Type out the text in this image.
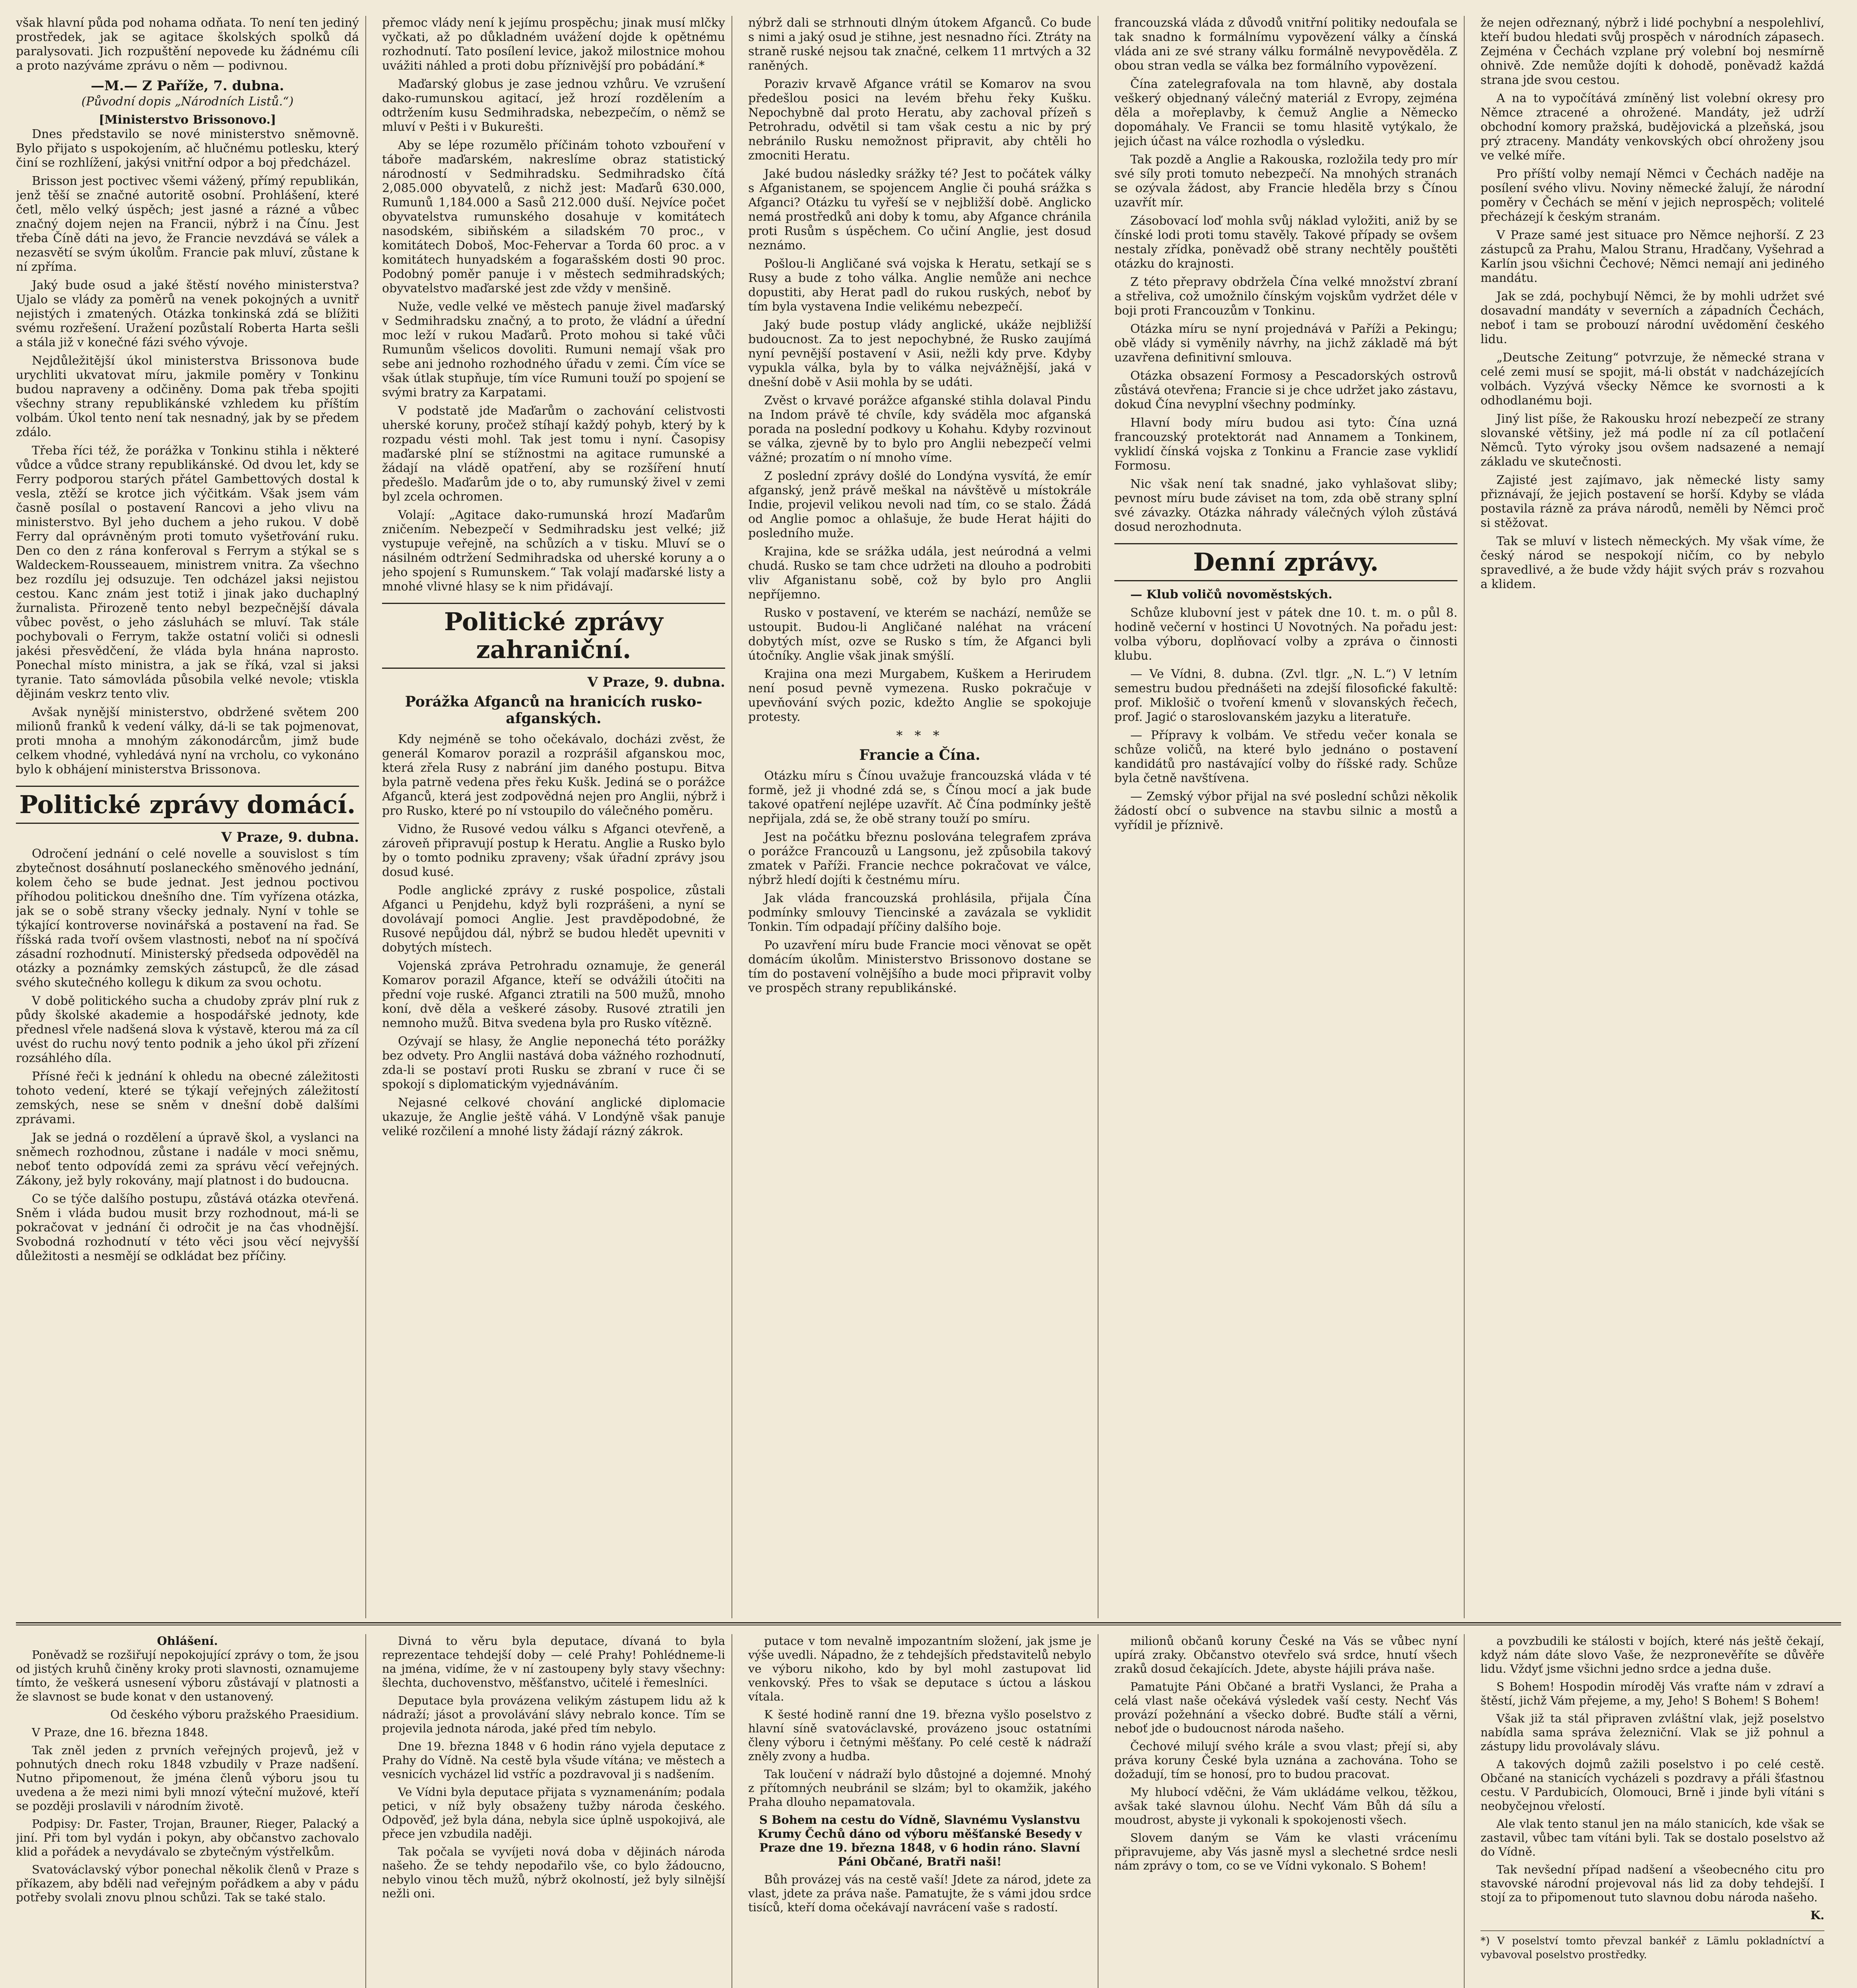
však hlavní půda pod nohama odňata. To není ten jediný prostředek, jak se agitace školských spolků dá paralysovati. Jich rozpuštění nepovede ku žádnému cíli a proto nazýváme zprávu o něm — podivnou.

—M.— Z Paříže, 7. dubna.
(Původní dopis „Národních Listů.“)
[Ministerstvo Brissonovo.]

Dnes představilo se nové ministerstvo sněmovně. Bylo přijato s uspokojením, ač hlučnému potlesku, který činí se rozhlížení, jakýsi vnitřní odpor a boj předcházel.

Brisson jest poctivec všemi vážený, přímý republikán, jenž těší se značné autoritě osobní. Prohlášení, které četl, mělo velký úspěch; jest jasné a rázné a vůbec značný dojem nejen na Francii, nýbrž i na Čínu. Jest třeba Číně dáti na jevo, že Francie nevzdává se válek a nezasvětí se svým úkolům. Francie pak mluví, zůstane k ní zpříma.

Jaký bude osud a jaké štěstí nového ministerstva? Ujalo se vlády za poměrů na venek pokojných a uvnitř nejistých i zmatených. Otázka tonkinská zdá se blížiti svému rozřešení. Uražení pozůstalí Roberta Harta sešli a stála již v konečné fázi svého vývoje.

Nejdůležitější úkol ministerstva Brissonova bude urychliti ukvatovat míru, jakmile poměry v Tonkinu budou napraveny a odčiněny. Doma pak třeba spojiti všechny strany republikánské vzhledem ku příštím volbám. Úkol tento není tak nesnadný, jak by se předem zdálo.

Třeba říci též, že porážka v Tonkinu stihla i některé vůdce a vůdce strany republikánské. Od dvou let, kdy se Ferry podporou starých přátel Gambettových dostal k vesla, ztěží se krotce jich výčitkám. Však jsem vám časně posílal o postavení Rancovi a jeho vlivu na ministerstvo. Byl jeho duchem a jeho rukou. V době Ferry dal oprávněným proti tomuto vyšetřování ruku. Den co den z rána konferoval s Ferrym a stýkal se s Waldeckem-Rousseauem, ministrem vnitra. Za všechno bez rozdílu jej odsuzuje. Ten odcházel jaksi nejistou cestou. Kanc znám jest totiž i jinak jako duchaplný žurnalista. Přirozeně tento nebyl bezpečnější dávala vůbec pověst, o jeho zásluhách se mluví. Tak stále pochybovali o Ferrym, takže ostatní voliči si odnesli jakési přesvědčení, že vláda byla hnána naprosto. Ponechal místo ministra, a jak se říká, vzal si jaksi tyranie. Tato sámovláda působila velké nevole; vtiskla dějinám veskrz tento vliv.

Avšak nynější ministerstvo, obdržené světem 200 milionů franků k vedení války, dá-li se tak pojmenovat, proti mnoha a mnohým zákonodárcům, jimž bude celkem vhodné, vyhledává nyní na vrcholu, co vykonáno bylo k obhájení ministerstva Brissonova.

Politické zprávy domácí.
V Praze, 9. dubna.

Odročení jednání o celé novelle a souvislost s tím zbytečnost dosáhnutí poslaneckého směnového jednání, kolem čeho se bude jednat. Jest jednou poctivou příhodou politickou dnešního dne. Tím vyřízena otázka, jak se o sobě strany všecky jednaly. Nyní v tohle se týkající kontroverse novinářská a postavení na řad. Se říšská rada tvoří ovšem vlastnosti, neboť na ní spočívá zásadní rozhodnutí. Ministerský předseda odpověděl na otázky a poznámky zemských zástupců, že dle zásad svého skutečného kollegu k dikum za svou ochotu.

V době politického sucha a chudoby zpráv plní ruk z půdy školské akademie a hospodářské jednoty, kde přednesl vřele nadšená slova k výstavě, kterou má za cíl uvést do ruchu nový tento podnik a jeho úkol při zřízení rozsáhlého díla.

Přísné řeči k jednání k ohledu na obecné záležitosti tohoto vedení, které se týkají veřejných záležitostí zemských, nese se sněm v dnešní době dalšími zprávami.

Jak se jedná o rozdělení a úpravě škol, a vyslanci na sněmech rozhodnou, zůstane i nadále v moci sněmu, neboť tento odpovídá zemi za správu věcí veřejných. Zákony, jež byly rokovány, mají platnost i do budoucna.

Co se týče dalšího postupu, zůstává otázka otevřená. Sněm i vláda budou musit brzy rozhodnout, má-li se pokračovat v jednání či odročit je na čas vhodnější. Svobodná rozhodnutí v této věci jsou věcí nejvyšší důležitosti a nesmějí se odkládat bez příčiny.

přemoc vlády není k jejímu prospěchu; jinak musí mlčky vyčkati, až po důkladném uvážení dojde k opětnému rozhodnutí. Tato posílení levice, jakož milostnice mohou uvážiti náhled a proti dobu příznivější pro pobádání.*

Maďarský globus je zase jednou vzhůru. Ve vzrušení dako-rumunskou agitací, jež hrozí rozdělením a odtržením kusu Sedmihradska, nebezpečím, o němž se mluví v Pešti i v Bukurešti.

Aby se lépe rozumělo příčinám tohoto vzbouření v táboře maďarském, nakreslíme obraz statistický národností v Sedmihradsku. Sedmihradsko čítá 2,085.000 obyvatelů, z nichž jest: Maďarů 630.000, Rumunů 1,184.000 a Sasů 212.000 duší. Nejvíce počet obyvatelstva rumunského dosahuje v komitátech nasodském, sibiňském a siladském 70 proc., v komitátech Doboš, Moc-Fehervar a Torda 60 proc. a v komitátech hunyadském a fogarašském dosti 90 proc. Podobný poměr panuje i v městech sedmihradských; obyvatelstvo maďarské jest zde vždy v menšině.

Nuže, vedle velké ve městech panuje živel maďarský v Sedmihradsku značný, a to proto, že vládní a úřední moc leží v rukou Maďarů. Proto mohou si také vůči Rumunům všelicos dovoliti. Rumuni nemají však pro sebe ani jednoho rozhodného úřadu v zemi. Čím více se však útlak stupňuje, tím více Rumuni touží po spojení se svými bratry za Karpatami.

V podstatě jde Maďarům o zachování celistvosti uherské koruny, pročež stíhají každý pohyb, který by k rozpadu vésti mohl. Tak jest tomu i nyní. Časopisy maďarské plní se stížnostmi na agitace rumunské a žádají na vládě opatření, aby se rozšíření hnutí předešlo. Maďarům jde o to, aby rumunský živel v zemi byl zcela ochromen.

Volají: „Agitace dako-rumunská hrozí Maďarům zničením. Nebezpečí v Sedmihradsku jest velké; již vystupuje veřejně, na schůzích a v tisku. Mluví se o násilném odtržení Sedmihradska od uherské koruny a o jeho spojení s Rumunskem.“ Tak volají maďarské listy a mnohé vlivné hlasy se k nim přidávají.

Politické zprávy zahraniční.
V Praze, 9. dubna.
Porážka Afganců na hranicích rusko-afganských.

Kdy nejméně se toho očekávalo, docházi zvěst, že generál Komarov porazil a rozprášil afganskou moc, která zřela Rusy z nabrání jim daného postupu. Bitva byla patrně vedena přes řeku Kušk. Jediná se o porážce Afganců, která jest zodpovědná nejen pro Anglii, nýbrž i pro Rusko, které po ní vstoupilo do válečného poměru.

Vidno, že Rusové vedou válku s Afganci otevřeně, a zároveň připravují postup k Heratu. Anglie a Rusko bylo by o tomto podniku zpraveny; však úřadní zprávy jsou dosud kusé.

Podle anglické zprávy z ruské pospolice, zůstali Afganci u Penjdehu, když byli rozprášeni, a nyní se dovolávají pomoci Anglie. Jest pravděpodobné, že Rusové nepůjdou dál, nýbrž se budou hledět upevniti v dobytých místech.

Vojenská zpráva Petrohradu oznamuje, že generál Komarov porazil Afgance, kteří se odvážili útočiti na přední voje ruské. Afganci ztratili na 500 mužů, mnoho koní, dvě děla a veškeré zásoby. Rusové ztratili jen nemnoho mužů. Bitva svedena byla pro Rusko vítězně.

Ozývají se hlasy, že Anglie neponechá této porážky bez odvety. Pro Anglii nastává doba vážného rozhodnutí, zda-li se postaví proti Rusku se zbraní v ruce či se spokojí s diplomatickým vyjednáváním.

Nejasné celkové chování anglické diplomacie ukazuje, že Anglie ještě váhá. V Londýně však panuje veliké rozčilení a mnohé listy žádají rázný zákrok.

nýbrž dali se strhnouti dlným útokem Afganců. Co bude s nimi a jaký osud je stihne, jest nesnadno říci. Ztráty na straně ruské nejsou tak značné, celkem 11 mrtvých a 32 raněných.

Poraziv krvavě Afgance vrátil se Komarov na svou předešlou posici na levém břehu řeky Kušku. Nepochybně dal proto Heratu, aby zachoval přízeň s Petrohradu, odvětil si tam však cestu a nic by prý nebránilo Rusku nemožnost připravit, aby chtěli ho zmocniti Heratu.

Jaké budou následky srážky té? Jest to počátek války s Afganistanem, se spojencem Anglie či pouhá srážka s Afganci? Otázku tu vyřeší se v nejbližší době. Anglicko nemá prostředků ani doby k tomu, aby Afgance chránila proti Rusům s úspěchem. Co učiní Anglie, jest dosud neznámo.

Pošlou-li Angličané svá vojska k Heratu, setkají se s Rusy a bude z toho válka. Anglie nemůže ani nechce dopustiti, aby Herat padl do rukou ruských, neboť by tím byla vystavena Indie velikému nebezpečí.

Jaký bude postup vlády anglické, ukáže nejbližší budoucnost. Za to jest nepochybné, že Rusko zaujímá nyní pevnější postavení v Asii, nežli kdy prve. Kdyby vypukla válka, byla by to válka nejvážnější, jaká v dnešní době v Asii mohla by se udáti.

Zvěst o krvavé porážce afganské stihla dolaval Pindu na Indom právě té chvíle, kdy sváděla moc afganská porada na poslední podkovy u Kohahu. Kdyby rozvinout se válka, zjevně by to bylo pro Anglii nebezpečí velmi vážné; prozatím o ní mnoho víme.

Z poslední zprávy došlé do Londýna vysvítá, že emír afganský, jenž právě meškal na návštěvě u místokrále Indie, projevil velikou nevoli nad tím, co se stalo. Žádá od Anglie pomoc a ohlašuje, že bude Herat hájiti do posledního muže.

Krajina, kde se srážka udála, jest neúrodná a velmi chudá. Rusko se tam chce udržeti na dlouho a podrobiti vliv Afganistanu sobě, což by bylo pro Anglii nepříjemno.

Rusko v postavení, ve kterém se nachází, nemůže se ustoupit. Budou-li Angličané naléhat na vrácení dobytých míst, ozve se Rusko s tím, že Afganci byli útočníky. Anglie však jinak smýšlí.

Krajina ona mezi Murgabem, Kuškem a Herirudem není posud pevně vymezena. Rusko pokračuje v upevňování svých pozic, kdežto Anglie se spokojuje protesty.

* * *
Francie a Čína.

Otázku míru s Čínou uvažuje francouzská vláda v té formě, jež ji vhodné zdá se, s Čínou mocí a jak bude takové opatření nejlépe uzavřít. Ač Čína podmínky ještě nepřijala, zdá se, že obě strany touží po smíru.

Jest na počátku březnu poslována telegrafem zpráva o porážce Francouzů u Langsonu, jež způsobila takový zmatek v Paříži. Francie nechce pokračovat ve válce, nýbrž hledí dojíti k čestnému míru.

Jak vláda francouzská prohlásila, přijala Čína podmínky smlouvy Tiencinské a zavázala se vyklidit Tonkin. Tím odpadají příčiny dalšího boje.

Po uzavření míru bude Francie moci věnovat se opět domácím úkolům. Ministerstvo Brissonovo dostane se tím do postavení volnějšího a bude moci připravit volby ve prospěch strany republikánské.

francouzská vláda z důvodů vnitřní politiky nedoufala se tak snadno k formálnímu vypovězení války a čínská vláda ani ze své strany válku formálně nevypověděla. Z obou stran vedla se válka bez formálního vypovězení.

Čína zatelegrafovala na tom hlavně, aby dostala veškerý objednaný válečný materiál z Evropy, zejména děla a mořeplavby, k čemuž Anglie a Německo dopomáhaly. Ve Francii se tomu hlasitě vytýkalo, že jejich účast na válce rozhodla o výsledku.

Tak pozdě a Anglie a Rakouska, rozložila tedy pro mír své síly proti tomuto nebezpečí. Na mnohých stranách se ozývala žádost, aby Francie hleděla brzy s Čínou uzavřít mír.

Zásobovací loď mohla svůj náklad vyložiti, aniž by se čínské lodi proti tomu stavěly. Takové případy se ovšem nestaly zřídka, poněvadž obě strany nechtěly pouštěti otázku do krajnosti.

Z této přepravy obdržela Čína velké množství zbraní a střeliva, což umožnilo čínským vojskům vydržet déle v boji proti Francouzům v Tonkinu.

Otázka míru se nyní projednává v Paříži a Pekingu; obě vlády si vyměnily návrhy, na jichž základě má být uzavřena definitivní smlouva.

Otázka obsazení Formosy a Pescadorských ostrovů zůstává otevřena; Francie si je chce udržet jako zástavu, dokud Čína nevyplní všechny podmínky.

Hlavní body míru budou asi tyto: Čína uzná francouzský protektorát nad Annamem a Tonkinem, vyklidí čínská vojska z Tonkinu a Francie zase vyklidí Formosu.

Nic však není tak snadné, jako vyhlašovat sliby; pevnost míru bude záviset na tom, zda obě strany splní své závazky. Otázka náhrady válečných výloh zůstává dosud nerozhodnuta.

Denní zprávy.

— Klub voličů novoměstských.

Schůze klubovní jest v pátek dne 10. t. m. o půl 8. hodině večerní v hostinci U Novotných. Na pořadu jest: volba výboru, doplňovací volby a zpráva o činnosti klubu.

— Ve Vídni, 8. dubna. (Zvl. tlgr. „N. L.“) V letním semestru budou přednášeti na zdejší filosofické fakultě: prof. Miklošič o tvoření kmenů v slovanských řečech, prof. Jagić o staroslovanském jazyku a literatuře.

— Přípravy k volbám. Ve středu večer konala se schůze voličů, na které bylo jednáno o postavení kandidátů pro nastávající volby do říšské rady. Schůze byla četně navštívena.

— Zemský výbor přijal na své poslední schůzi několik žádostí obcí o subvence na stavbu silnic a mostů a vyřídil je příznivě.

že nejen odřeznaný, nýbrž i lidé pochybní a nespolehliví, kteří budou hledati svůj prospěch v národních zápasech. Zejména v Čechách vzplane prý volební boj nesmírně ohnivě. Zde nemůže dojíti k dohodě, poněvadž každá strana jde svou cestou.

A na to vypočítává zmíněný list volební okresy pro Němce ztracené a ohrožené. Mandáty, jež udrží obchodní komory pražská, budějovická a plzeňská, jsou prý ztraceny. Mandáty venkovských obcí ohroženy jsou ve velké míře.

Pro příští volby nemají Němci v Čechách naděje na posílení svého vlivu. Noviny německé žalují, že národní poměry v Čechách se mění v jejich neprospěch; volitelé přecházejí k českým stranám.

V Praze samé jest situace pro Němce nejhorší. Z 23 zástupců za Prahu, Malou Stranu, Hradčany, Vyšehrad a Karlín jsou všichni Čechové; Němci nemají ani jediného mandátu.

Jak se zdá, pochybují Němci, že by mohli udržet své dosavadní mandáty v severních a západních Čechách, neboť i tam se probouzí národní uvědomění českého lidu.

„Deutsche Zeitung“ potvrzuje, že německé strana v celé zemi musí se spojit, má-li obstát v nadcházejících volbách. Vyzývá všecky Němce ke svornosti a k odhodlanému boji.

Jiný list píše, že Rakousku hrozí nebezpečí ze strany slovanské většiny, jež má podle ní za cíl potlačení Němců. Tyto výroky jsou ovšem nadsazené a nemají základu ve skutečnosti.

Zajisté jest zajímavo, jak německé listy samy přiznávají, že jejich postavení se horší. Kdyby se vláda postavila rázně za práva národů, neměli by Němci proč si stěžovat.

Tak se mluví v listech německých. My však víme, že český národ se nespokojí ničím, co by nebylo spravedlivé, a že bude vždy hájit svých práv s rozvahou a klidem.

Ohlášení.

Poněvadž se rozšiřují nepokojující zprávy o tom, že jsou od jistých kruhů činěny kroky proti slavnosti, oznamujeme tímto, že veškerá usnesení výboru zůstávají v platnosti a že slavnost se bude konat v den ustanovený.

Od českého výboru pražského Praesidium.

V Praze, dne 16. března 1848.

Tak zněl jeden z prvních veřejných projevů, jež v pohnutých dnech roku 1848 vzbudily v Praze nadšení. Nutno připomenout, že jména členů výboru jsou tu uvedena a že mezi nimi byli mnozí výteční mužové, kteří se později proslavili v národním životě.

Podpisy: Dr. Faster, Trojan, Brauner, Rieger, Palacký a jiní. Při tom byl vydán i pokyn, aby občanstvo zachovalo klid a pořádek a nevydávalo se zbytečným výstřelkům.

Svatováclavský výbor ponechal několik členů v Praze s příkazem, aby bděli nad veřejným pořádkem a aby v pádu potřeby svolali znovu plnou schůzi. Tak se také stalo.

Divná to věru byla deputace, dívaná to byla reprezentace tehdejší doby — celé Prahy! Pohlédneme-li na jména, vidíme, že v ní zastoupeny byly stavy všechny: šlechta, duchovenstvo, měšťanstvo, učitelé i řemeslníci.

Deputace byla provázena velikým zástupem lidu až k nádraží; jásot a provolávání slávy nebralo konce. Tím se projevila jednota národa, jaké před tím nebylo.

Dne 19. března 1848 v 6 hodin ráno vyjela deputace z Prahy do Vídně. Na cestě byla všude vítána; ve městech a vesnicích vycházel lid vstříc a pozdravoval ji s nadšením.

Ve Vídni byla deputace přijata s vyznamenáním; podala petici, v níž byly obsaženy tužby národa českého. Odpověď, jež byla dána, nebyla sice úplně uspokojivá, ale přece jen vzbudila naději.

Tak počala se vyvíjeti nová doba v dějinách národa našeho. Že se tehdy nepodařilo vše, co bylo žádoucno, nebylo vinou těch mužů, nýbrž okolností, jež byly silnější nežli oni.

putace v tom nevalně impozantním složení, jak jsme je výše uvedli. Nápadno, že z tehdejších představitelů nebylo ve výboru nikoho, kdo by byl mohl zastupovat lid venkovský. Přes to však se deputace s úctou a láskou vítala.

K šesté hodině ranní dne 19. března vyšlo poselstvo z hlavní síně svatováclavské, provázeno jsouc ostatními členy výboru i četnými měšťany. Po celé cestě k nádraží zněly zvony a hudba.

Tak loučení v nádraží bylo důstojné a dojemné. Mnohý z přítomných neubránil se slzám; byl to okamžik, jakého Praha dlouho nepamatovala.

S Bohem na cestu do Vídně, Slavnému Vyslanstvu Krumy Čechů dáno od výboru měšťanské Besedy v Praze dne 19. března 1848, v 6 hodin ráno. Slavní Páni Občané, Bratři naši!

Bůh provázej vás na cestě vaší! Jdete za národ, jdete za vlast, jdete za práva naše. Pamatujte, že s vámi jdou srdce tisíců, kteří doma očekávají navrácení vaše s radostí.

milionů občanů koruny České na Vás se vůbec nyní upírá zraky. Občanstvo otevřelo svá srdce, hnutí všech zraků dosud čekajících. Jdete, abyste hájili práva naše.

Pamatujte Páni Občané a bratři Vyslanci, že Praha a celá vlast naše očekává výsledek vaší cesty. Nechť Vás provází požehnání a všecko dobré. Buďte stálí a věrni, neboť jde o budoucnost národa našeho.

Čechové milují svého krále a svou vlast; přejí si, aby práva koruny České byla uznána a zachována. Toho se dožadují, tím se honosí, pro to budou pracovat.

My hlubocí vděčni, že Vám ukládáme velkou, těžkou, avšak také slavnou úlohu. Nechť Vám Bůh dá sílu a moudrost, abyste ji vykonali k spokojenosti všech.

Slovem daným se Vám ke vlasti vrácenímu připravujeme, aby Vás jasně mysl a slechetné srdce nesli nám zprávy o tom, co se ve Vídni vykonalo. S Bohem!

a povzbudili ke stálosti v bojích, které nás ještě čekají, když nám dáte slovo Vaše, že nezpronevěříte se důvěře lidu. Vždyť jsme všichni jedno srdce a jedna duše.

S Bohem! Hospodin míroděj Vás vraťte nám v zdraví a štěstí, jichž Vám přejeme, a my, Jeho! S Bohem! S Bohem!

Však již ta stál připraven zvláštní vlak, jejž poselstvo nabídla sama správa železniční. Vlak se již pohnul a zástupy lidu provolávaly slávu.

A takových dojmů zažili poselstvo i po celé cestě. Občané na stanicích vycházeli s pozdravy a přáli šťastnou cestu. V Pardubicích, Olomouci, Brně i jinde byli vítáni s neobyčejnou vřelostí.

Ale vlak tento stanul jen na málo stanicích, kde však se zastavil, vůbec tam vítáni byli. Tak se dostalo poselstvo až do Vídně.

Tak nevšední případ nadšení a všeobecného citu pro stavovské národní projevoval nás lid za doby tehdejší. I stojí za to připomenout tuto slavnou dobu národa našeho.

K.

*) V poselství tomto převzal bankéř z Lämlu pokladníctví a vybavoval poselstvo prostředky.
